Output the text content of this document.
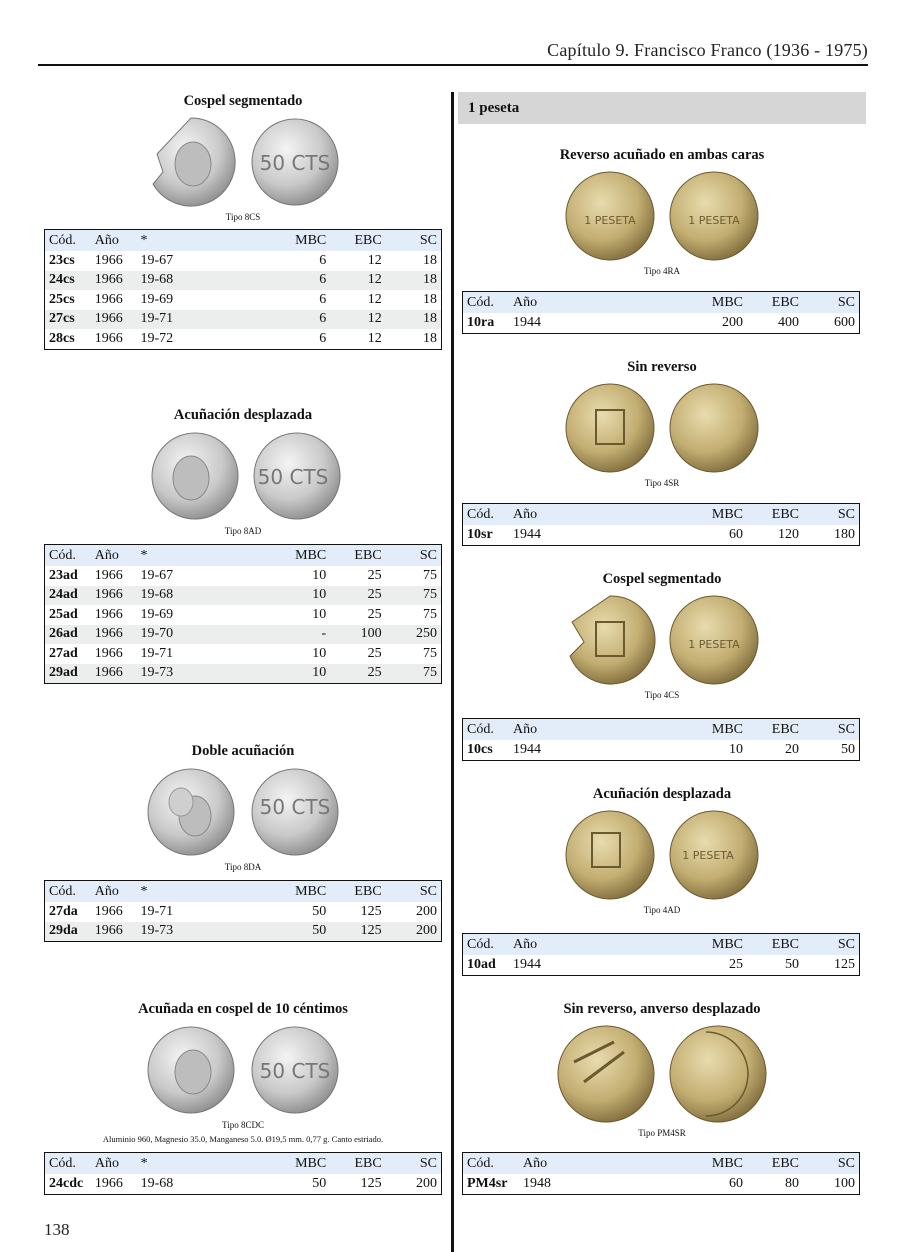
Capítulo 9. Francisco Franco (1936 - 1975)
Cospel segmentado
50 CTS
Tipo 8CS
Cód.	Año	*	MBC	EBC	SC
23cs	1966	19-67	6	12	18
24cs	1966	19-68	6	12	18
25cs	1966	19-69	6	12	18
27cs	1966	19-71	6	12	18
28cs	1966	19-72	6	12	18
Acuñación desplazada
50 CTS
Tipo 8AD
Cód.	Año	*	MBC	EBC	SC
23ad	1966	19-67	10	25	75
24ad	1966	19-68	10	25	75
25ad	1966	19-69	10	25	75
26ad	1966	19-70	-	100	250
27ad	1966	19-71	10	25	75
29ad	1966	19-73	10	25	75
Doble acuñación
50 CTS
Tipo 8DA
Cód.	Año	*	MBC	EBC	SC
27da	1966	19-71	50	125	200
29da	1966	19-73	50	125	200
Acuñada en cospel de 10 céntimos
50 CTS
Tipo 8CDC
Aluminio 960, Magnesio 35.0, Manganeso 5.0. Ø19,5 mm. 0,77 g. Canto estriado.
Cód.	Año	*	MBC	EBC	SC
24cdc	1966	19-68	50	125	200
1 peseta
Reverso acuñado en ambas caras
1 PESETA	1 PESETA
Tipo 4RA
Cód.	Año	MBC	EBC	SC
10ra	1944	200	400	600
Sin reverso
Tipo 4SR
Cód.	Año	MBC	EBC	SC
10sr	1944	60	120	180
Cospel segmentado
1 PESETA
Tipo 4CS
Cód.	Año	MBC	EBC	SC
10cs	1944	10	20	50
Acuñación desplazada
1 PESETA
Tipo 4AD
Cód.	Año	MBC	EBC	SC
10ad	1944	25	50	125
Sin reverso, anverso desplazado
Tipo PM4SR
Cód.	Año	MBC	EBC	SC
PM4sr	1948	60	80	100
138
